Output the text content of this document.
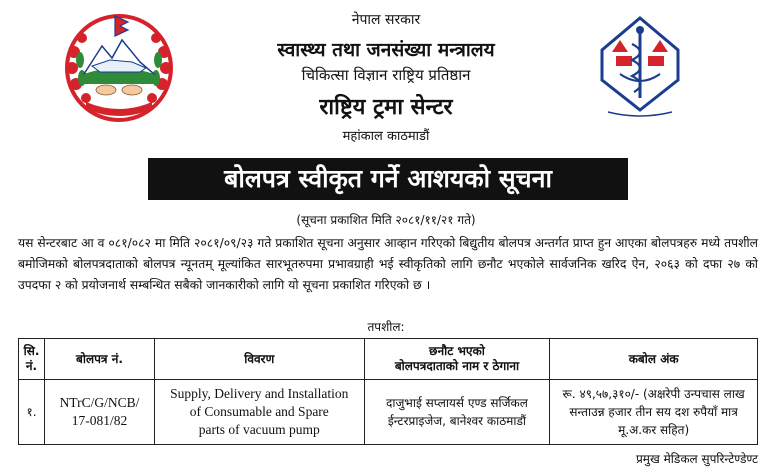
नेपाल सरकार
स्वास्थ्य तथा जनसंख्या मन्त्रालय
चिकित्सा विज्ञान राष्ट्रिय प्रतिष्ठान
राष्ट्रिय ट्रमा सेन्टर
महांकाल काठमाडौं
बोलपत्र स्वीकृत गर्ने आशयको सूचना
(सूचना प्रकाशित मिति २०८१/११/२१ गते)
यस सेन्टरबाट आ व ०८१/०८२ मा मिति २०८१/०९/२३ गते प्रकाशित सूचना अनुसार आव्हान गरिएको बिद्युतीय बोलपत्र अन्तर्गत प्राप्त हुन आएका बोलपत्रहरु मध्ये तपशील बमोजिमको बोलपत्रदाताको बोलपत्र न्यूनतम् मूल्यांकित सारभूतरुपमा प्रभावग्राही भई स्वीकृतिको लागि छनौट भएकोले सार्वजनिक खरिद ऐन, २०६३ को दफा २७ को उपदफा २ को प्रयोजनार्थ सम्बन्धित सबैको जानकारीको लागि यो सूचना प्रकाशित गरिएको छ ।
तपशील:
सि. नं.	बोलपत्र नं.	विवरण	छनौट भएको
बोलपत्रदाताको नाम र ठेगाना	कबोल अंक
१.	NTrC/G/NCB/
17-081/82	Supply, Delivery and Installation
of Consumable and Spare
parts of vacuum pump	दाजुभाई सप्लायर्स एण्ड सर्जिकल
ईन्टरप्राइजेज, बानेश्वर काठमाडौं	रू. ४९,५७,३१०/- (अक्षरेपी उन्पचास लाख
सन्ताउन्न हजार तीन सय दश रुपैयाँ मात्र
मू.अ.कर सहित)
प्रमुख मेडिकल सुपरिन्टेण्डेण्ट
